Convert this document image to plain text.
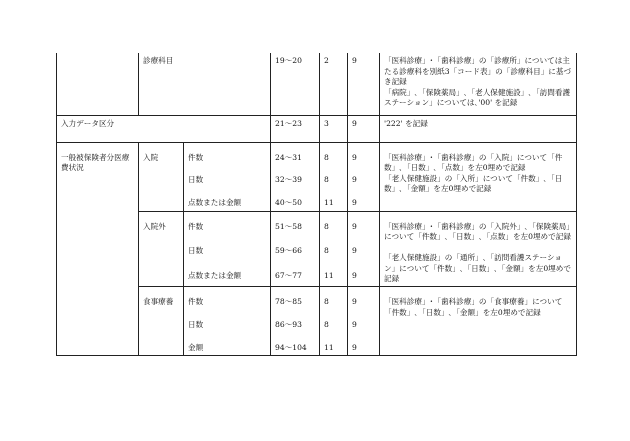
	診療科目		19～20	2	9	「医科診療」･「歯科診療」の「診療所」については主たる診療科を別紙3「コード表」の「診療科目」に基づき記録
「病院」､「保険薬局」､「老人保健施設」､「訪問看護ステーション」については､'00' を記録
入力データ区分			21～23	3	9	'222' を記録
一般被保険者分医療費状況	入院	件数	24～31	8	9	「医科診療」･「歯科診療」の「入院」について「件数」､「日数」､「点数」を左0埋めで記録
「老人保健施設」の「入所」について「件数」､「日数」､「金額」を左0埋めで記録
		日数	32～39	8	9	
		点数または金額	40～50	11	9	
	入院外	件数	51～58	8	9	「医科診療」･「歯科診療」の「入院外」､「保険薬局」について「件数」､「日数」､「点数」を左0埋めで記録

「老人保健施設」の「通所」､「訪問看護ステーション」について「件数」､「日数」､「金額」を左0埋めで記録
		日数	59～66	8	9	
		点数または金額	67～77	11	9	
	食事療養	件数	78～85	8	9	「医科診療」･「歯科診療」の「食事療養」について「件数」､「日数」､「金額」を左0埋めで記録
		日数	86～93	8	9	
		金額	94～104	11	9	
